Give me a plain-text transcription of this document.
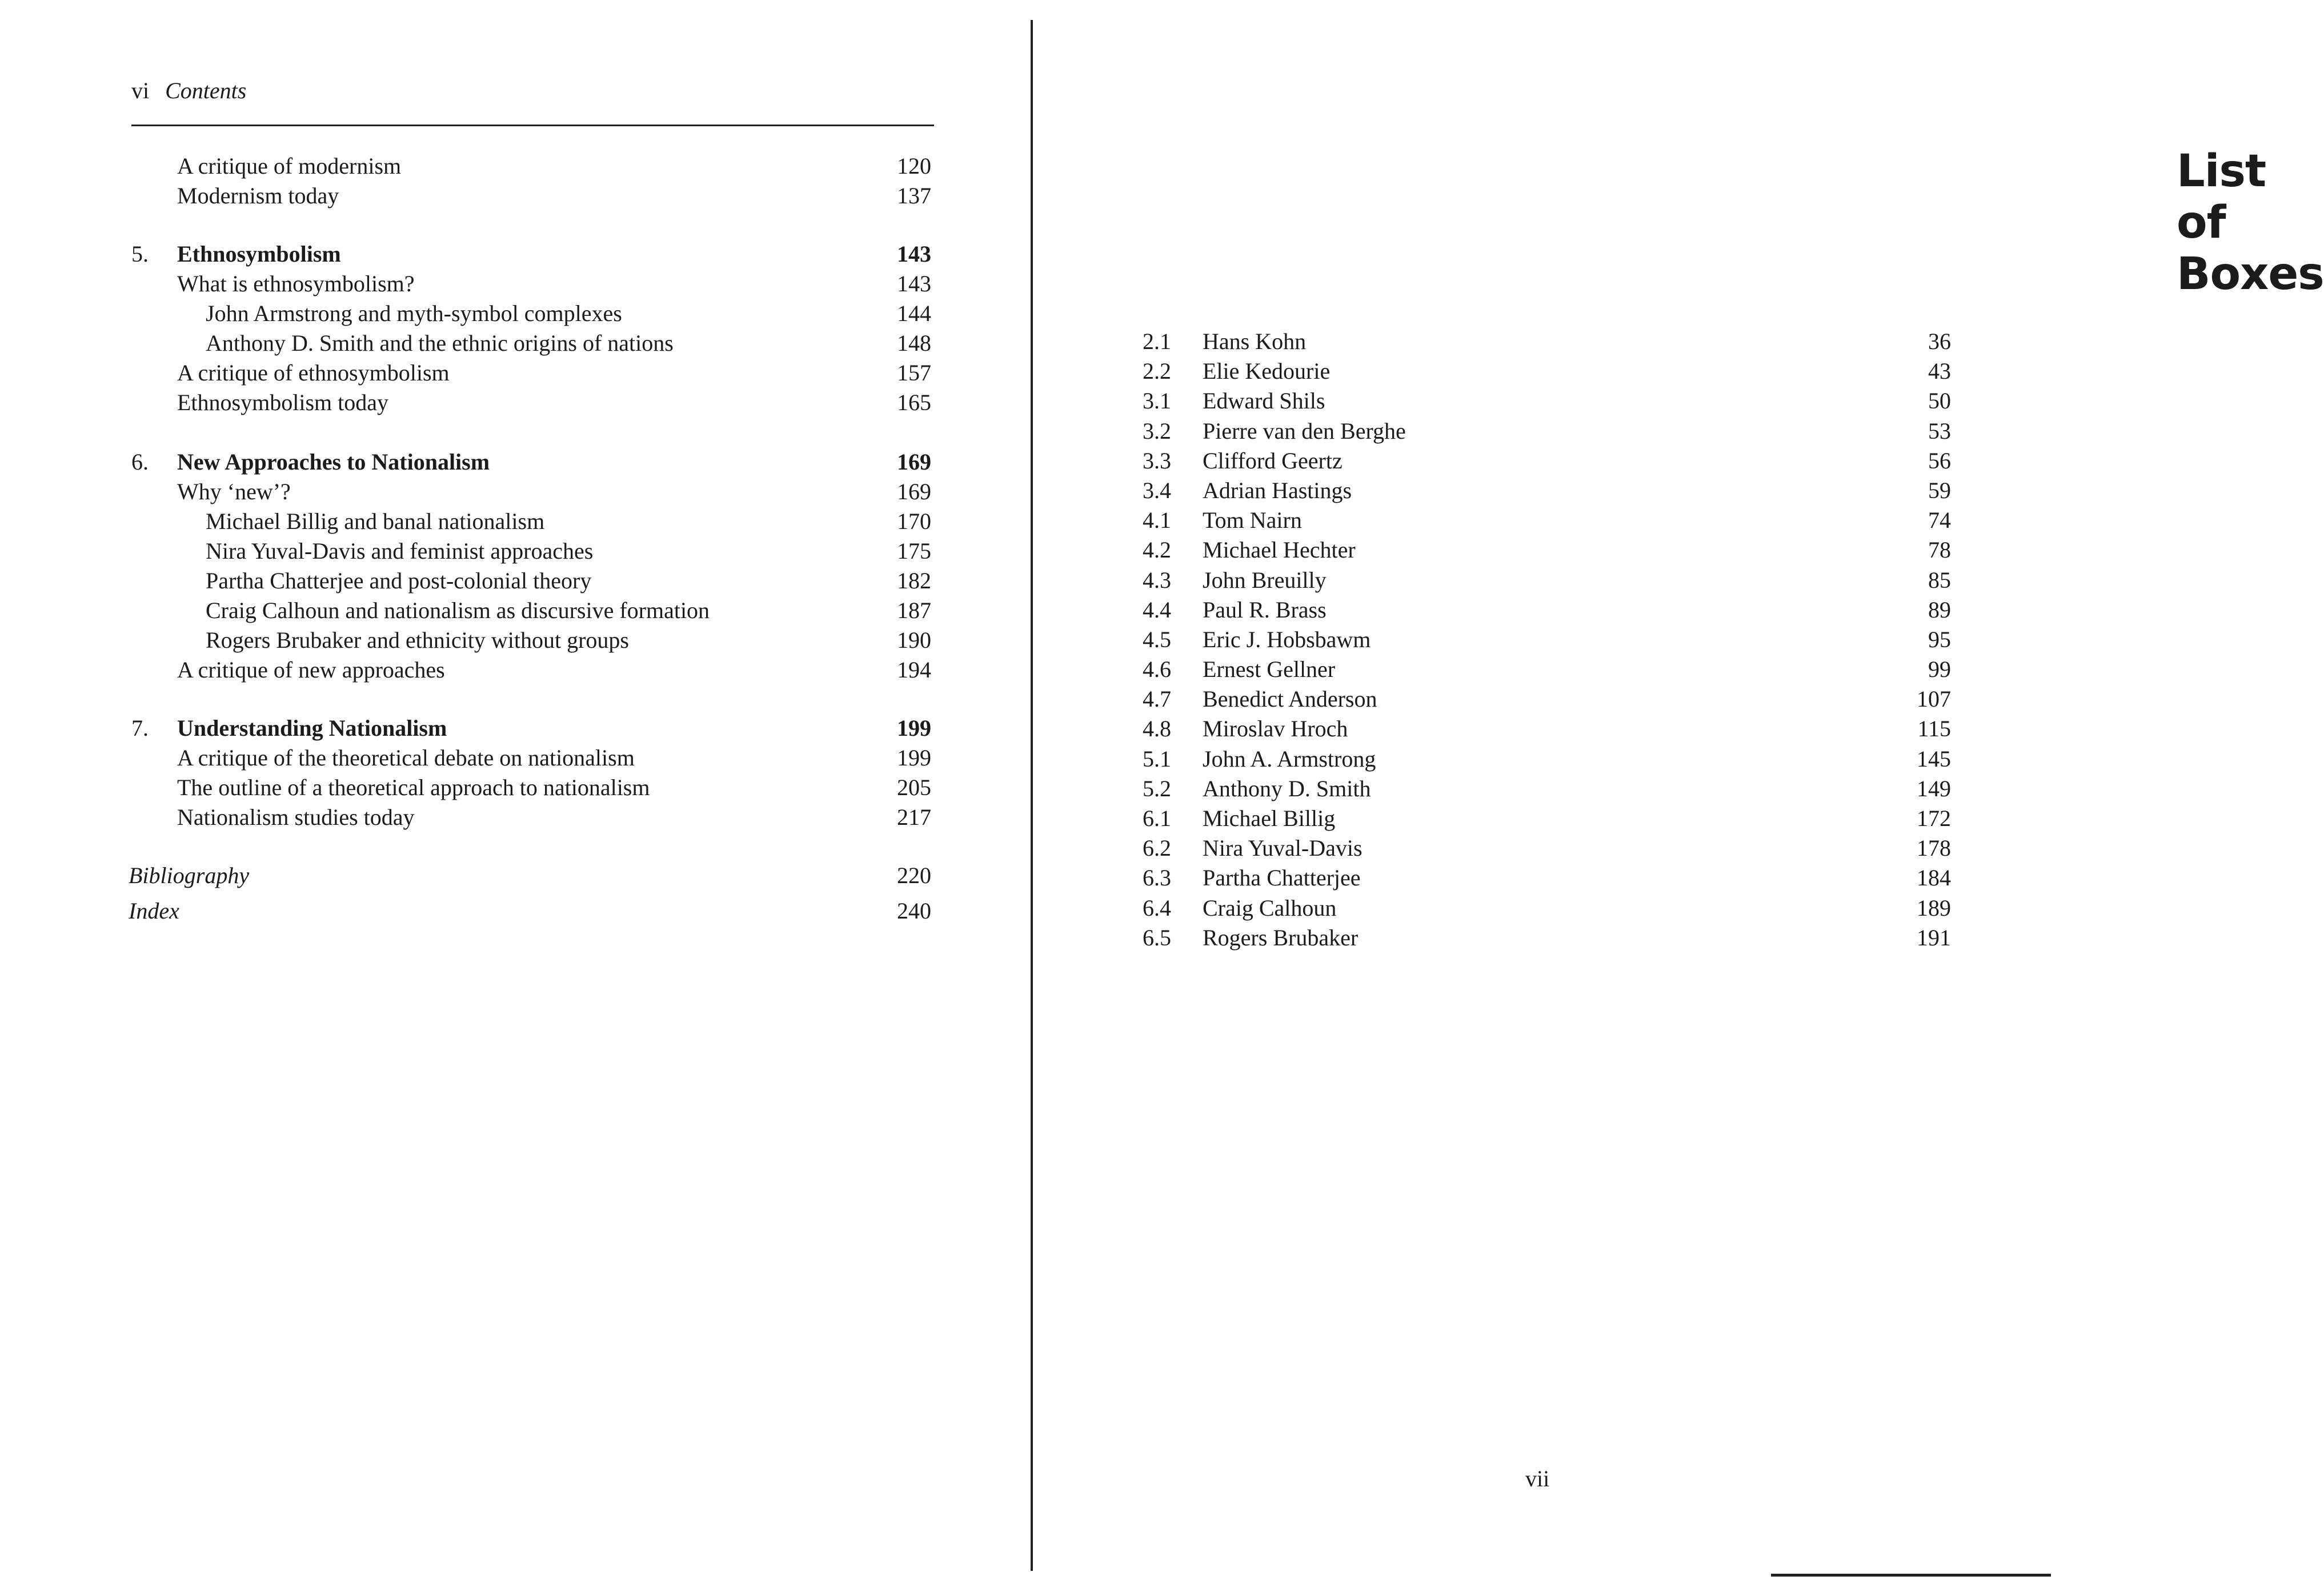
vi Contents
A critique of modernism	120
Modernism today	137
5. Ethnosymbolism	143
What is ethnosymbolism?	143
John Armstrong and myth-symbol complexes	144
Anthony D. Smith and the ethnic origins of nations	148
A critique of ethnosymbolism	157
Ethnosymbolism today	165
6. New Approaches to Nationalism	169
Why ‘new’?	169
Michael Billig and banal nationalism	170
Nira Yuval-Davis and feminist approaches	175
Partha Chatterjee and post-colonial theory	182
Craig Calhoun and nationalism as discursive formation	187
Rogers Brubaker and ethnicity without groups	190
A critique of new approaches	194
7. Understanding Nationalism	199
A critique of the theoretical debate on nationalism	199
The outline of a theoretical approach to nationalism	205
Nationalism studies today	217
Bibliography	220
Index	240
List of Boxes
2.1 Hans Kohn	36
2.2 Elie Kedourie	43
3.1 Edward Shils	50
3.2 Pierre van den Berghe	53
3.3 Clifford Geertz	56
3.4 Adrian Hastings	59
4.1 Tom Nairn	74
4.2 Michael Hechter	78
4.3 John Breuilly	85
4.4 Paul R. Brass	89
4.5 Eric J. Hobsbawm	95
4.6 Ernest Gellner	99
4.7 Benedict Anderson	107
4.8 Miroslav Hroch	115
5.1 John A. Armstrong	145
5.2 Anthony D. Smith	149
6.1 Michael Billig	172
6.2 Nira Yuval-Davis	178
6.3 Partha Chatterjee	184
6.4 Craig Calhoun	189
6.5 Rogers Brubaker	191
vii
